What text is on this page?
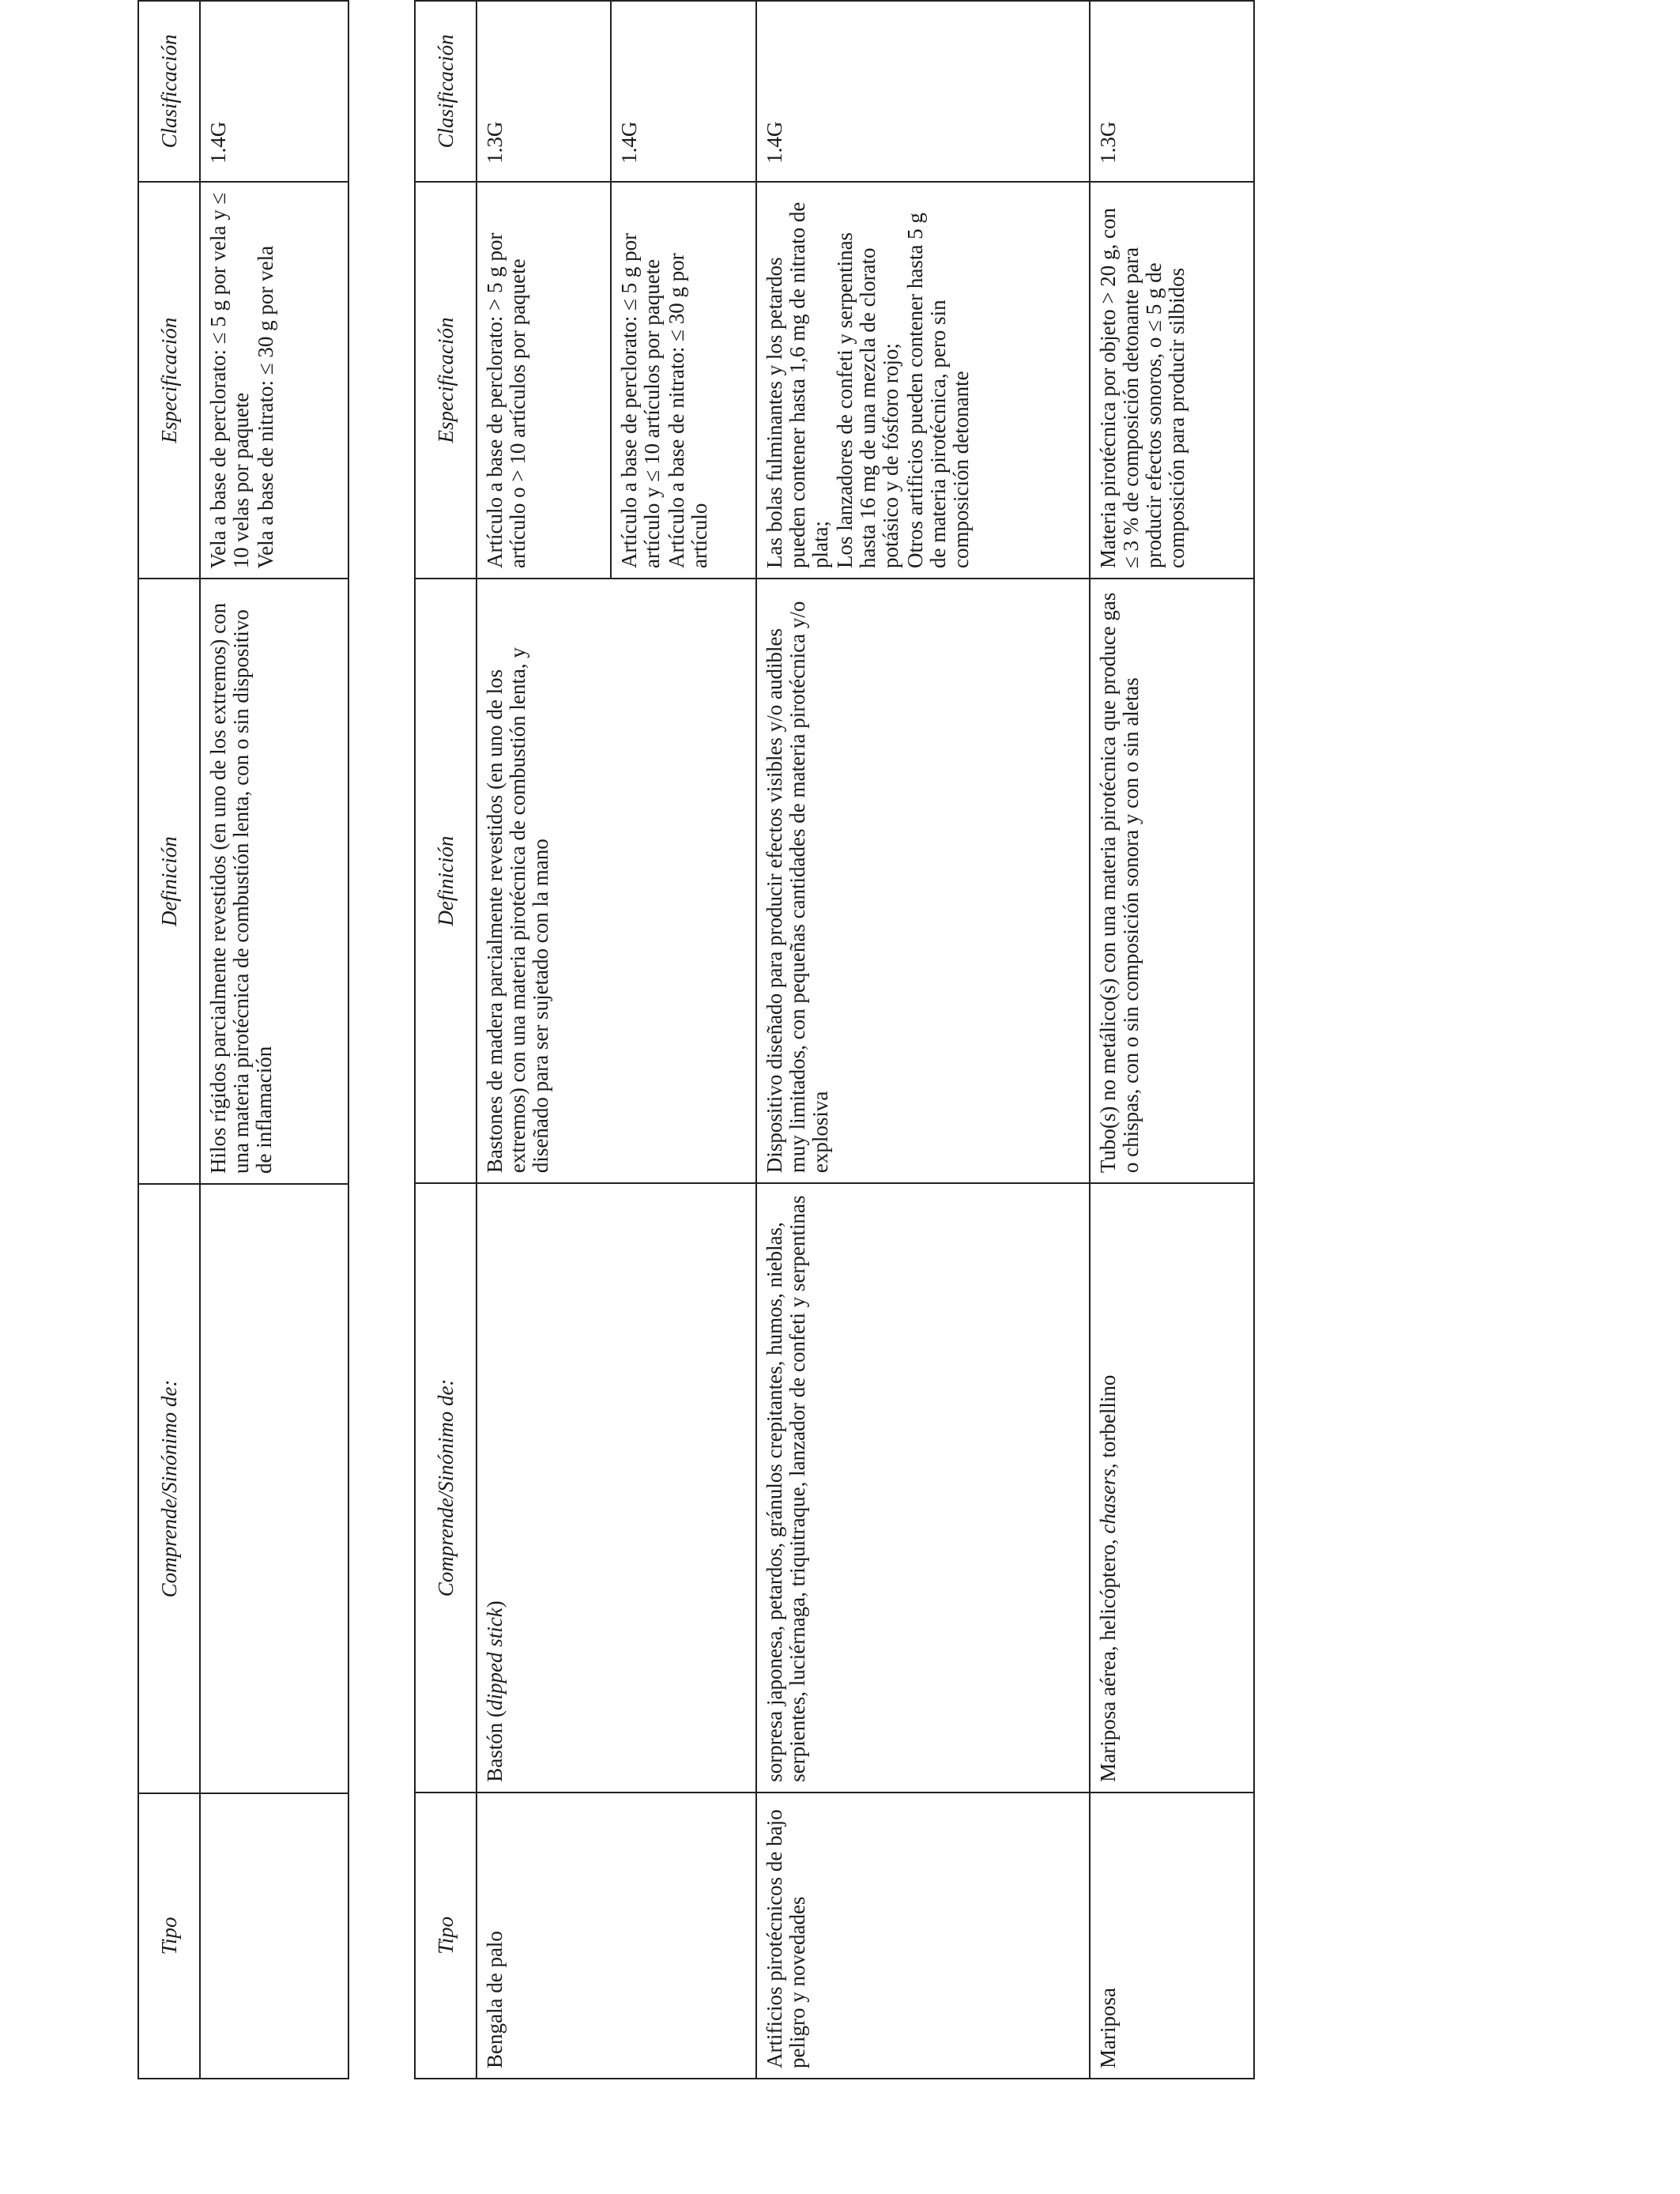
Tipo	Comprende/Sinónimo de:	Definición	Especificación	Clasificación
		Hilos rígidos parcialmente revestidos (en uno de los extremos) con una materia pirotécnica de combustión lenta, con o sin dispositivo de inflamación	Vela a base de perclorato: ≤ 5 g por vela y ≤ 10 velas por paquete Vela a base de nitrato: ≤ 30 g por vela	1.4G
Tipo	Comprende/Sinónimo de:	Definición	Especificación	Clasificación
Bengala de palo	Bastón (dipped stick)	Bastones de madera parcialmente revestidos (en uno de los extremos) con una materia pirotécnica de combustión lenta, y diseñado para ser sujetado con la mano	Artículo a base de perclorato: > 5 g por artículo o > 10 artículos por paquete	1.3G

			Artículo a base de perclorato: ≤ 5 g por artículo y ≤ 10 artículos por paquete Artículo a base de nitrato: ≤ 30 g por artículo	1.4G
Artificios pirotécnicos de bajo peligro y novedades	sorpresa japonesa, petardos, gránulos crepitantes, humos, nieblas, serpientes, luciérnaga, triquitraque, lanzador de confeti y serpentinas	Dispositivo diseñado para producir efectos visibles y/o audibles muy limitados, con pequeñas cantidades de materia pirotécnica y/o explosiva	Las bolas fulminantes y los petardos pueden contener hasta 1,6 mg de nitrato de plata; Los lanzadores de confeti y serpentinas hasta 16 mg de una mezcla de clorato potásico y de fósforo rojo; Otros artificios pueden contener hasta 5 g de materia pirotécnica, pero sin composición detonante	1.4G
Mariposa	Mariposa aérea, helicóptero, chasers, torbellino	Tubo(s) no metálico(s) con una materia pirotécnica que produce gas o chispas, con o sin composición sonora y con o sin aletas	Materia pirotécnica por objeto > 20 g, con ≤ 3 % de composición detonante para producir efectos sonoros, o ≤ 5 g de composición para producir silbidos	1.3G
